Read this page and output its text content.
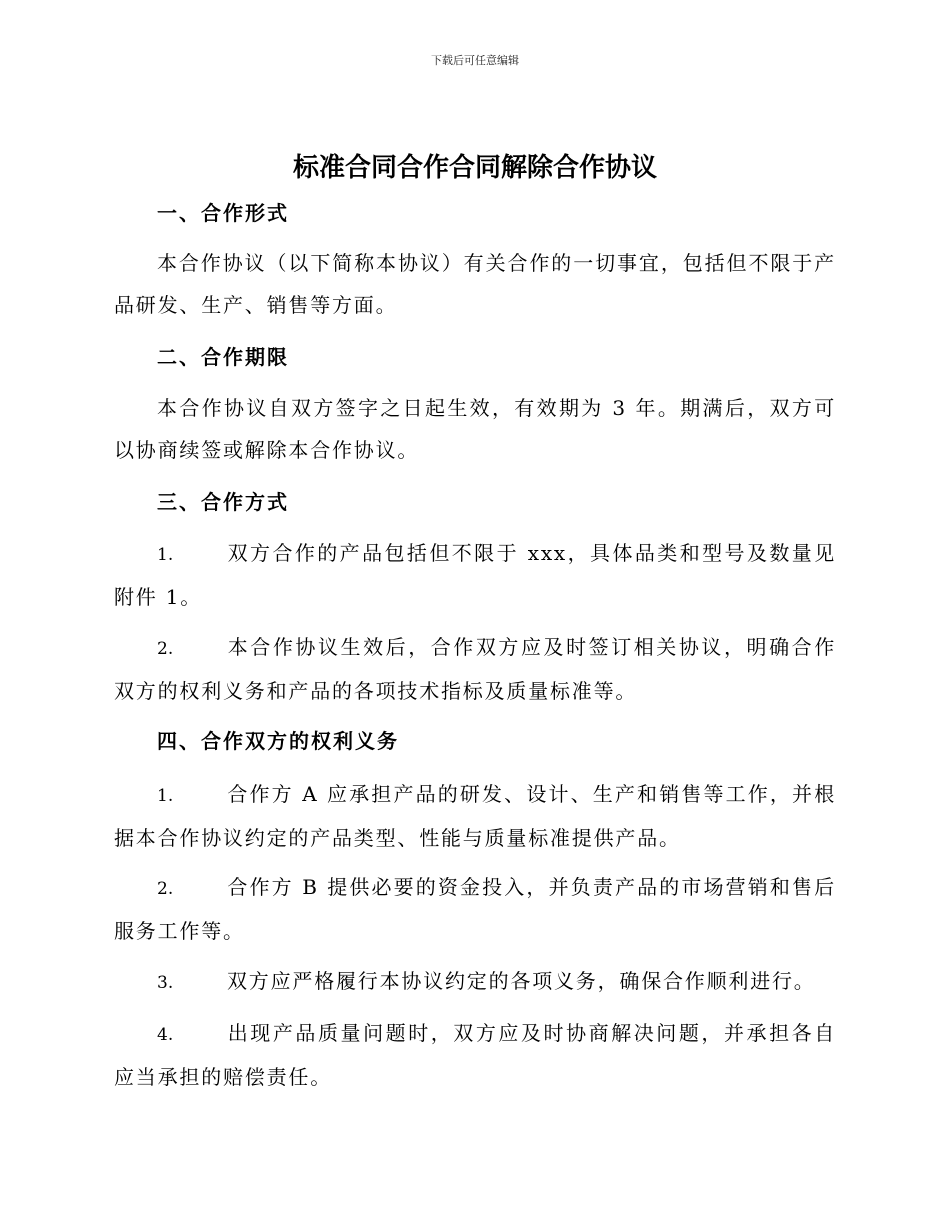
下载后可任意编辑
标准合同合作合同解除合作协议

一、合作形式

本合作协议（以下简称本协议）有关合作的一切事宜，包括但不限于产品研发、生产、销售等方面。

二、合作期限

本合作协议自双方签字之日起生效，有效期为 3 年。期满后，双方可以协商续签或解除本合作协议。

三、合作方式

1.	双方合作的产品包括但不限于 xxx，具体品类和型号及数量见附件 1。

2.	本合作协议生效后，合作双方应及时签订相关协议，明确合作双方的权利义务和产品的各项技术指标及质量标准等。

四、合作双方的权利义务

1.	合作方 A 应承担产品的研发、设计、生产和销售等工作，并根据本合作协议约定的产品类型、性能与质量标准提供产品。

2.	合作方 B 提供必要的资金投入，并负责产品的市场营销和售后服务工作等。

3.	双方应严格履行本协议约定的各项义务，确保合作顺利进行。

4.	出现产品质量问题时，双方应及时协商解决问题，并承担各自应当承担的赔偿责任。
